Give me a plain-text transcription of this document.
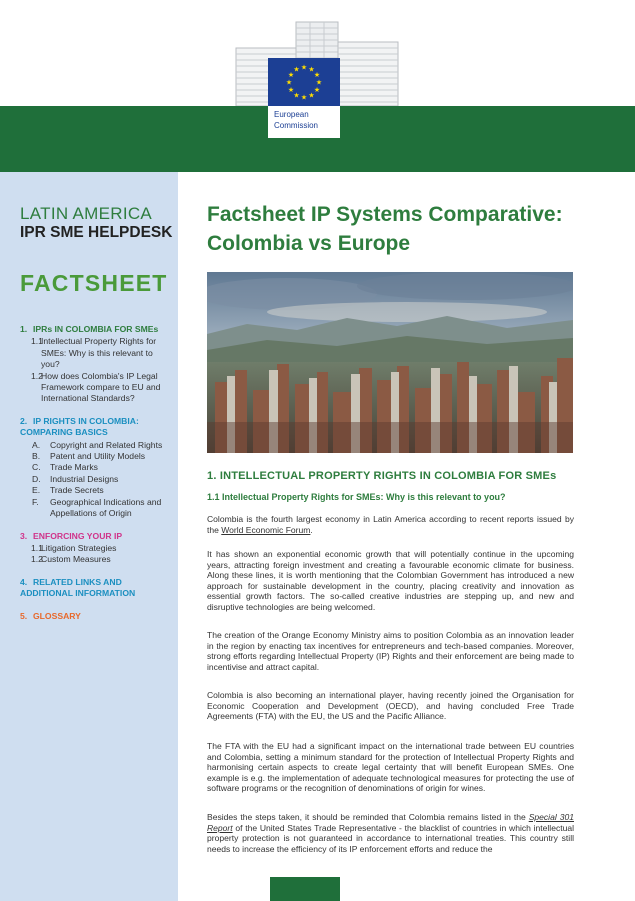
★ ★
★
★
★
★
★
★
★
★
★
★
European
Commission
LATIN AMERICA
IPR SME HELPDESK
FACTSHEET
1. IPRs IN COLOMBIA FOR SMEs
1.1
Intellectual Property Rights for SMEs: Why is this relevant to you?
1.2
How does Colombia's IP Legal Framework compare to EU and International Standards?
2. IP RIGHTS IN COLOMBIA: COMPARING BASICS
A.	Copyright and Related Rights
B.	Patent and Utility Models
C.	Trade Marks
D.	Industrial Designs
E.	Trade Secrets
F.	Geographical Indications and Appellations of Origin
3. ENFORCING YOUR IP
1.1
Litigation Strategies
1.2
Custom Measures
4. RELATED LINKS AND ADDITIONAL INFORMATION
5. GLOSSARY
Factsheet IP Systems Comparative: Colombia vs Europe
1. INTELLECTUAL PROPERTY RIGHTS IN COLOMBIA FOR SMEs
1.1 Intellectual Property Rights for SMEs: Why is this relevant to you?
Colombia is the fourth largest economy in Latin America according to recent reports issued by the World Economic Forum.
It has shown an exponential economic growth that will potentially continue in the upcoming years, attracting foreign investment and creating a favourable economic climate for business. Along these lines, it is worth mentioning that the Colombian Government has introduced a new approach for sustainable development in the country, placing creativity and innovation as essential growth factors. The so-called creative industries are stepping up, and new and disruptive technologies are being welcomed.
The creation of the Orange Economy Ministry aims to position Colombia as an innovation leader in the region by enacting tax incentives for entrepreneurs and tech-based companies. Moreover, strong efforts regarding Intellectual Property (IP) Rights and their enforcement are being made to incentivise and attract capital.
Colombia is also becoming an international player, having recently joined the Organisation for Economic Cooperation and Development (OECD), and having concluded Free Trade Agreements (FTA) with the EU, the US and the Pacific Alliance.
The FTA with the EU had a significant impact on the international trade between EU countries and Colombia, setting a minimum standard for the protection of Intellectual Property Rights and harmonising certain aspects to create legal certainty that will benefit European SMEs. One example is e.g. the implementation of adequate technological measures for protecting the use of software programs or the recognition of denominations of origin for wines.
Besides the steps taken, it should be reminded that Colombia remains listed in the Special 301 Report of the United States Trade Representative - the blacklist of countries in which intellectual property protection is not guaranteed in accordance to international treaties. This country still needs to increase the efficiency of its IP enforcement efforts and reduce the
